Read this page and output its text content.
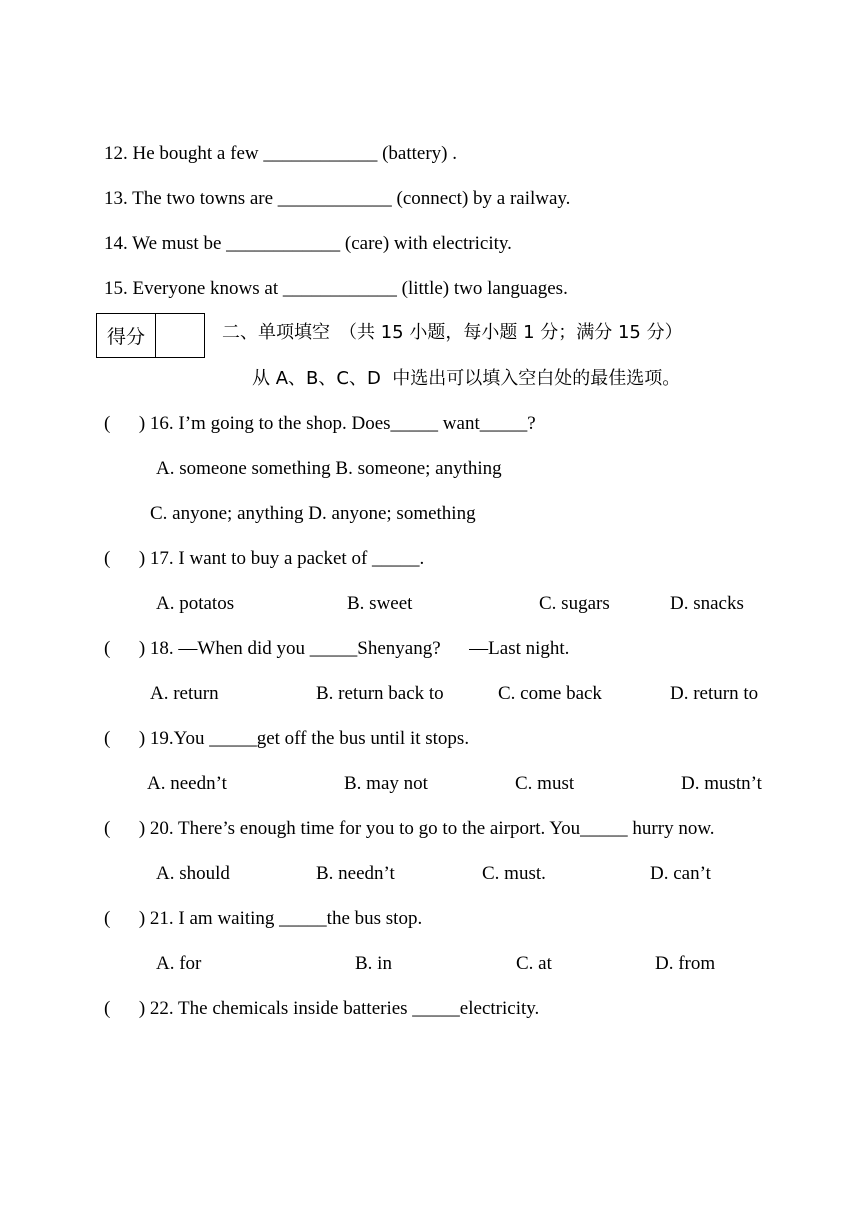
12. He bought a few ____________ (battery) .
13. The two towns are ____________ (connect) by a railway.
14. We must be ____________ (care) with electricity.
15. Everyone knows at ____________ (little) two languages.
得分	二、单项填空　（共 15 小题，每小题 1 分；满分 15 分）
从 A、B、C、D  中选出可以填入空白处的最佳选项。
(      ) 16. I’m going to the shop. Does_____ want_____?
A. someone something B. someone; anything
C. anyone; anything D. anyone; something
(      ) 17. I want to buy a packet of _____.
A. potatos	B. sweet	C. sugars	D. snacks
(      ) 18. —When did you _____Shenyang?      —Last night.
A. return	B. return back to	C. come back	D. return to
(      ) 19.You _____get off the bus until it stops.
A. needn’t	B. may not	C. must	D. mustn’t
(      ) 20. There’s enough time for you to go to the airport. You_____ hurry now.
A. should	B. needn’t	C. must.	D. can’t
(      ) 21. I am waiting _____the bus stop.
A. for	B. in	C. at	D. from
(      ) 22. The chemicals inside batteries _____electricity.
